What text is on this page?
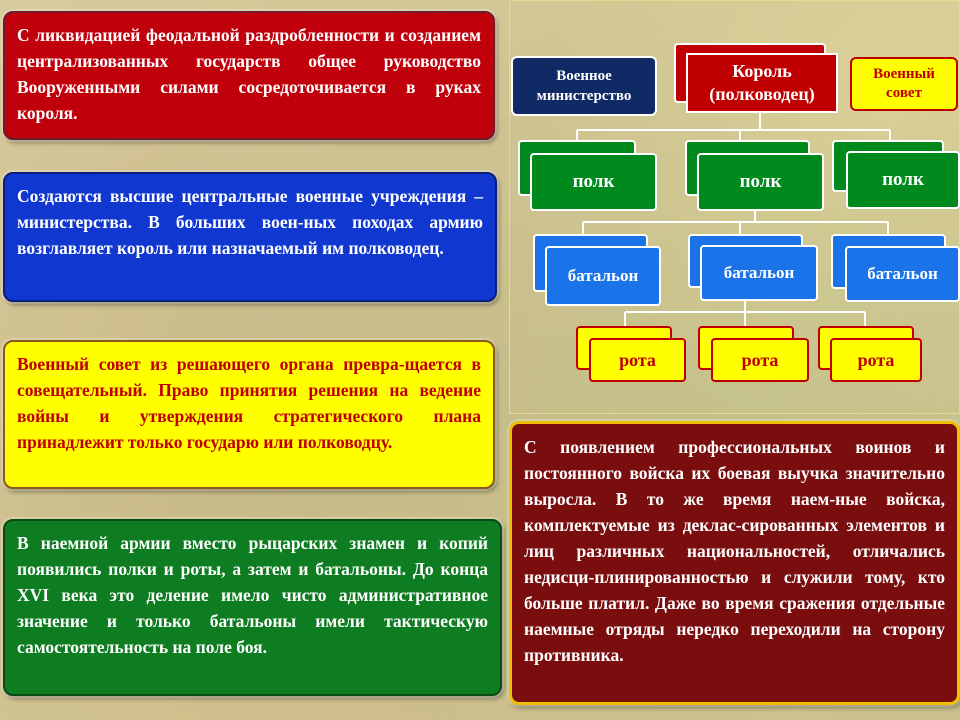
С ликвидацией феодальной раздробленности и созданием централизованных государств общее руководство Вооруженными силами сосредоточивается в руках короля.
Создаются высшие центральные военные учреждения – министерства. В больших воен-ных походах армию возглавляет король или назначаемый им полководец.
Военный совет из решающего органа превра-щается в совещательный. Право принятия решения на ведение войны и утверждения стратегического плана принадлежит только государю или полководцу.
В наемной армии вместо рыцарских знамен и копий появились полки и роты, а затем и батальоны. До конца XVI века это деление имело чисто административное значение и только батальоны имели тактическую самостоятельность на поле боя.
С появлением профессиональных воинов и постоянного войска их боевая выучка значительно выросла. В то же время наем-ные войска, комплектуемые из деклас-сированных элементов и лиц различных национальностей, отличались недисци-плинированностью и служили тому, кто больше платил. Даже во время сражения отдельные наемные отряды нередко переходили на сторону противника.
Король
(полководец)
Военное
министерство
Военный
совет
полк	полк	полк
батальон	батальон	батальон
рота	рота	рота
